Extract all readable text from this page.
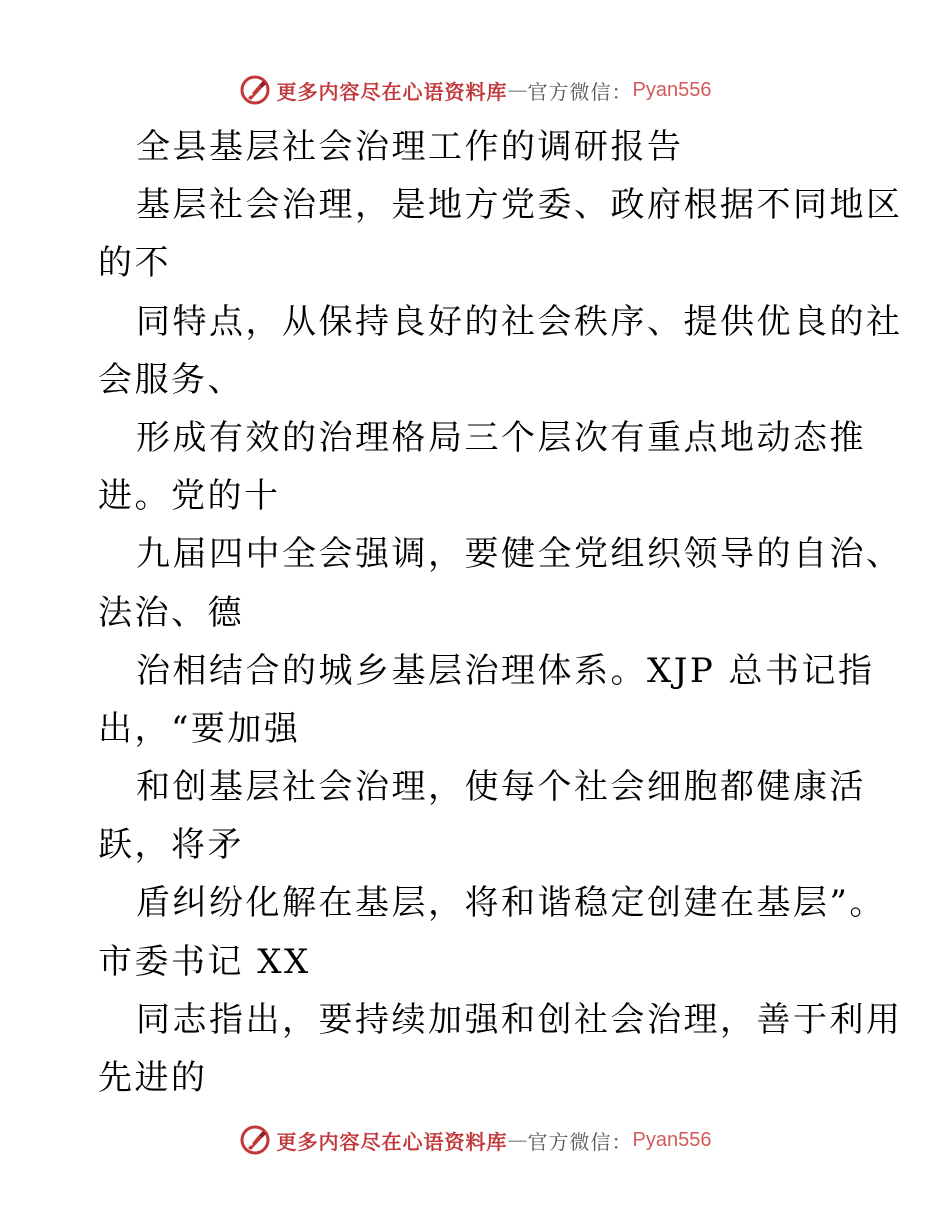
更多内容尽在心语资料库 — 官方微信： Pyan556
全县基层社会治理工作的调研报告
基层社会治理，是地方党委、政府根据不同地区
的不
同特点，从保持良好的社会秩序、提供优良的社
会服务、
形成有效的治理格局三个层次有重点地动态推
进。党的十
九届四中全会强调，要健全党组织领导的自治、
法治、德
治相结合的城乡基层治理体系。XJP 总书记指
出，“要加强
和创基层社会治理，使每个社会细胞都健康活
跃，将矛
盾纠纷化解在基层，将和谐稳定创建在基层”。
市委书记 XX
同志指出，要持续加强和创社会治理，善于利用
先进的
更多内容尽在心语资料库 — 官方微信： Pyan556
